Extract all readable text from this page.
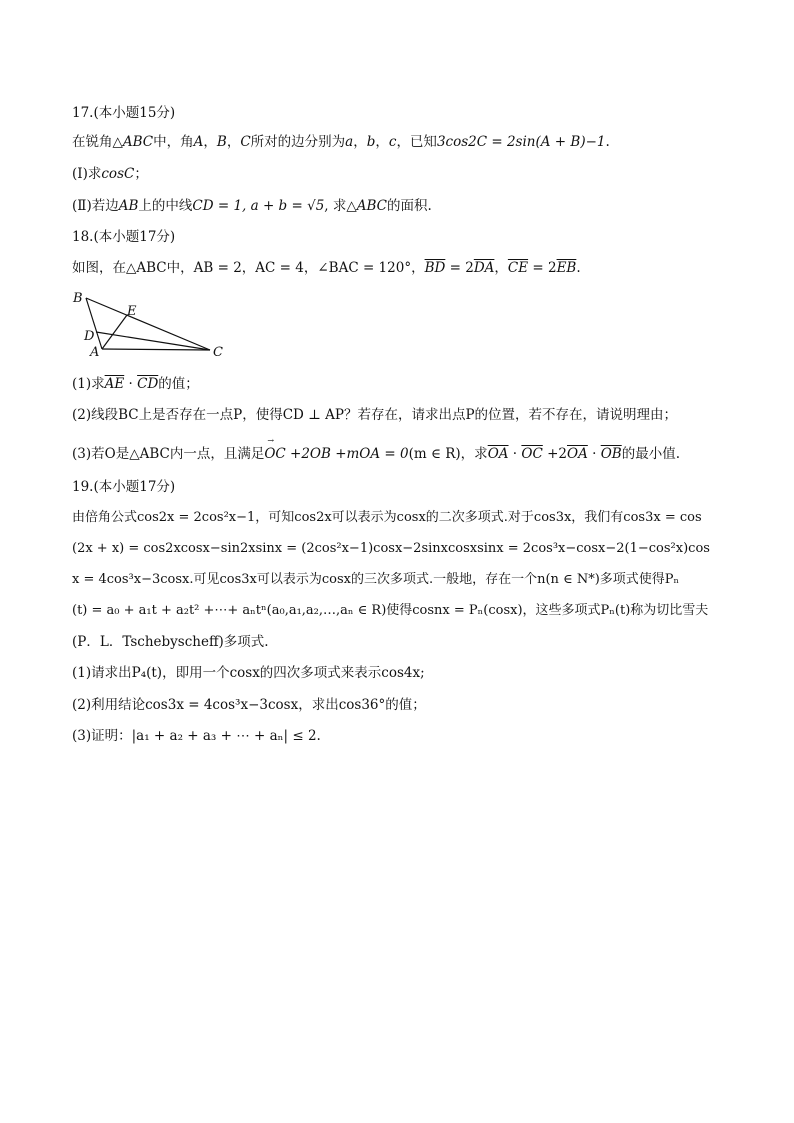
17.(本小题15分)
在锐角△ABC中，角A，B，C所对的边分别为a，b，c，已知3cos2C = 2sin(A + B)−1.
(Ⅰ)求cosC；
(Ⅱ)若边AB上的中线CD = 1, a + b = √5, 求△ABC的面积.
18.(本小题17分)
如图，在△ABC中，AB = 2，AC = 4，∠BAC = 120°，$\overline{BD} = 2\overline{DA}$，$\overline{CE} = 2\overline{EB}$.
B
E
D
A	C
(1)求$\overline{AE} \cdot \overline{CD}$的值；
(2)线段BC上是否存在一点P，使得CD ⊥ AP？若存在，请求出点P的位置，若不存在，请说明理由；
(3)若O是△ABC内一点，且满足→ OC +2OB +mOA = 0(m ∈ R)，求$\overline{OA} \cdot \overline{OC} +2\overline{OA} \cdot \overline{OB}$的最小值.
19.(本小题17分)
由倍角公式cos2x = 2cos²x−1，可知cos2x可以表示为cosx的二次多项式.对于cos3x，我们有cos3x = cos
(2x + x) = cos2xcosx−sin2xsinx = (2cos²x−1)cosx−2sinxcosxsinx = 2cos³x−cosx−2(1−cos²x)cos
x = 4cos³x−3cosx.可见cos3x可以表示为cosx的三次多项式.一般地，存在一个n(n ∈ N*)多项式使得Pₙ
(t) = a₀ + a₁t + a₂t² +⋯+ aₙtⁿ(a₀,a₁,a₂,…,aₙ ∈ R)使得cosnx = Pₙ(cosx)，这些多项式Pₙ(t)称为切比雪夫
(P．L．Tschebyscheff)多项式.
(1)请求出P₄(t)，即用一个cosx的四次多项式来表示cos4x;
(2)利用结论cos3x = 4cos³x−3cosx，求出cos36°的值；
(3)证明：|a₁ + a₂ + a₃ + ⋯ + aₙ| ≤ 2.
